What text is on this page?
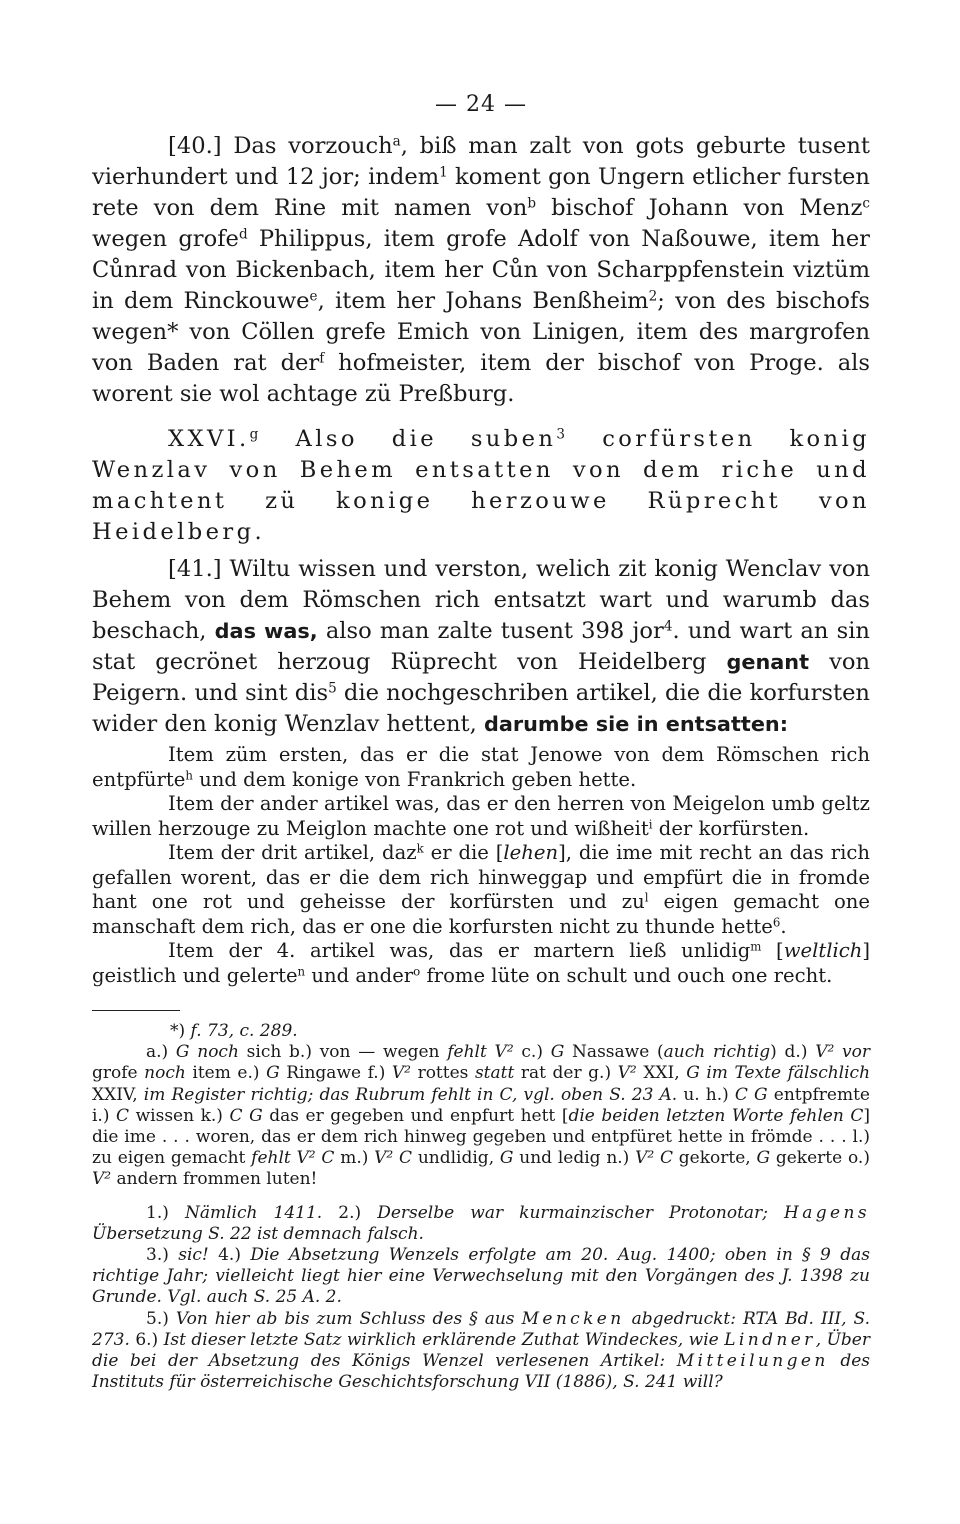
— 24 —

[40.] Das vorzouch$^a$, biß man zalt von gots geburte tusent vierhundert und 12 jor; indem$^1$ koment gon Ungern etlicher fursten rete von dem Rine mit namen von$^b$ bischof Johann von Menz$^c$ wegen grofe$^d$ Philippus, item grofe Adolf von Naßouwe, item her Cůnrad von Bickenbach, item her Cůn von Scharppfenstein viztüm in dem Rinckouwe$^e$, item her Johans Benßheim$^2$; von des bischofs wegen* von Cöllen grefe Emich von Linigen, item des margrofen von Baden rat der$^f$ hofmeister, item der bischof von Proge. als worent sie wol achtage zü Preßburg.

XXVI.$^g$ Also die suben$^3$ corfürsten konig Wenzlav von Behem entsatten von dem riche und machtent zü konige herzouwe Rüprecht von Heidelberg.

[41.] Wiltu wissen und verston, welich zit konig Wenclav von Behem von dem Römschen rich entsatzt wart und warumb das beschach, das was, also man zalte tusent 398 jor$^4$. und wart an sin stat gecrönet herzoug Rüprecht von Heidelberg genant von Peigern. und sint dis$^5$ die nochgeschriben artikel, die die korfursten wider den konig Wenzlav hettent, darumbe sie in entsatten:

Item züm ersten, das er die stat Jenowe von dem Römschen rich entpfürte$^h$ und dem konige von Frankrich geben hette.

Item der ander artikel was, das er den herren von Meigelon umb geltz willen herzouge zu Meiglon machte one rot und wißheit$^i$ der korfürsten.

Item der drit artikel, daz$^k$ er die [lehen], die ime mit recht an das rich gefallen worent, das er die dem rich hinweggap und empfürt die in fromde hant one rot und geheisse der korfürsten und $zu^l$ eigen gemacht one manschaft dem rich, das er one die korfursten nicht zu thunde hette$^6$.

Item der 4. artikel was, das er martern ließ unlidig$^m$ [weltlich] geistlich und gelerte$^n$ und ander$^o$ frome lüte on schult und ouch one recht.

*) f. 73, c. 289.

a.) G noch sich b.) von — wegen fehlt V² c.) G Nassawe (auch richtig) d.) V² vor grofe noch item e.) G Ringawe f.) V² rottes statt rat der g.) V² XXI, G im Texte fälschlich XXIV, im Register richtig; das Rubrum fehlt in C, vgl. oben S. 23 A. u. h.) C G entpfremte i.) C wissen k.) C G das er gegeben und enpfurt hett [die beiden letzten Worte fehlen C] die ime . . . woren, das er dem rich hinweg gegeben und entpfüret hette in frömde . . . l.) zu eigen gemacht fehlt V² C m.) V² C undlidig, G und ledig n.) V² C gekorte, G gekerte o.) V² andern frommen luten!

1.) Nämlich 1411. 2.) Derselbe war kurmainzischer Protonotar; Hagens Übersetzung S. 22 ist demnach falsch.

3.) sic! 4.) Die Absetzung Wenzels erfolgte am 20. Aug. 1400; oben in § 9 das richtige Jahr; vielleicht liegt hier eine Verwechselung mit den Vorgängen des J. 1398 zu Grunde. Vgl. auch S. 25 A. 2.

5.) Von hier ab bis zum Schluss des § aus Mencken abgedruckt: RTA Bd. III, S. 273. 6.) Ist dieser letzte Satz wirklich erklärende Zuthat Windeckes, wie Lindner, Über die bei der Absetzung des Königs Wenzel verlesenen Artikel: Mitteilungen des Instituts für österreichische Geschichtsforschung VII (1886), S. 241 will?
